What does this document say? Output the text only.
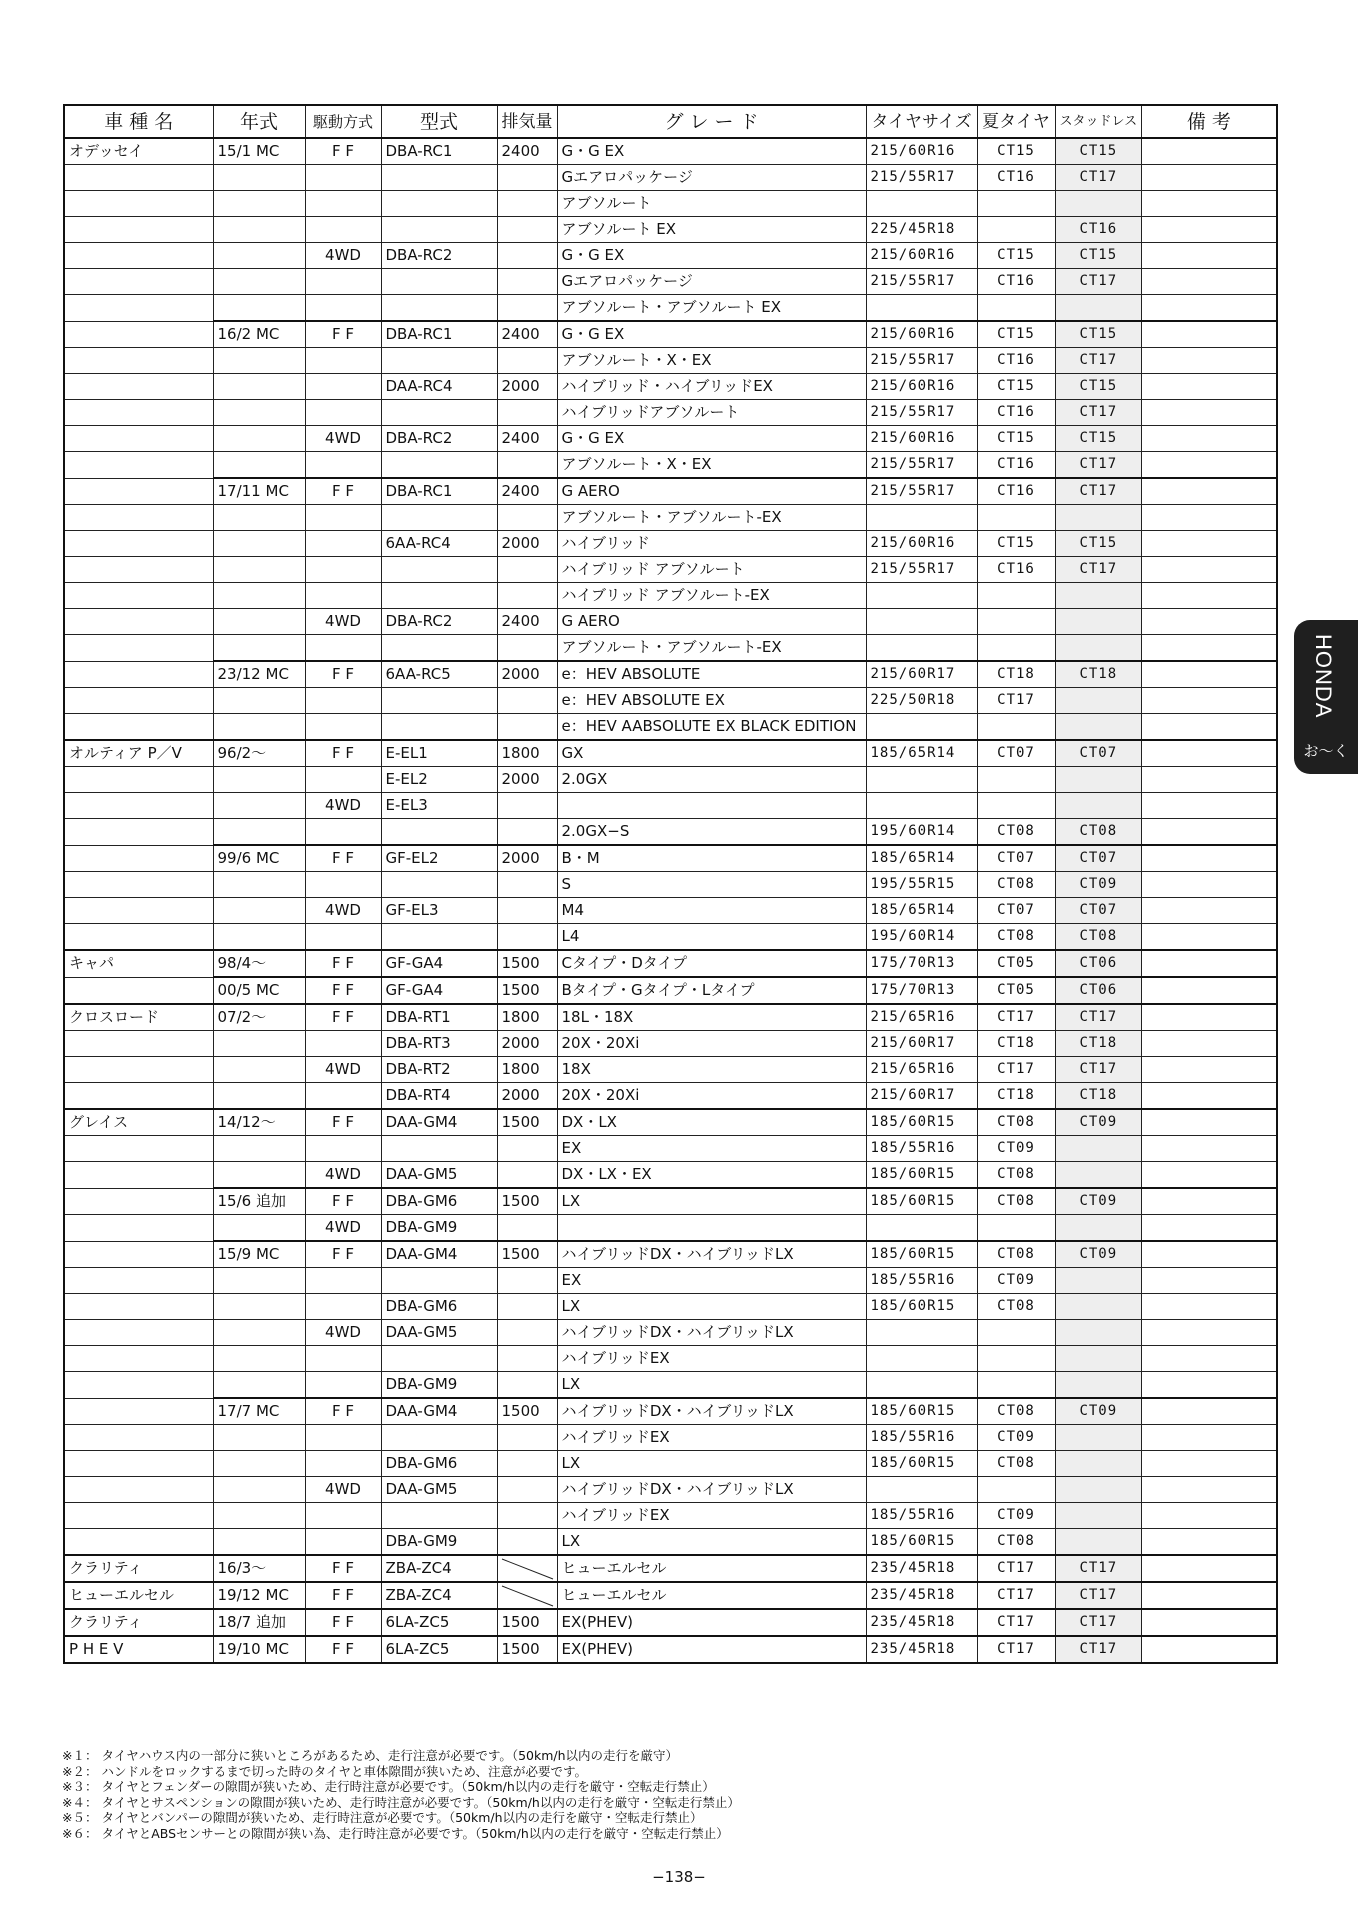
車 種 名	年式	駆動方式	型式	排気量	グ レ ー ド	タイヤサイズ	夏タイヤ	スタッドレス	備 考
オデッセイ	15/1 MC	F F	DBA-RC1	2400	G・G EX	215/60R16	CT15	CT15	
					Gエアロパッケージ	215/55R17	CT16	CT17	
					アブソルート				
					アブソルート EX	225/45R18		CT16	
		4WD	DBA-RC2		G・G EX	215/60R16	CT15	CT15	
					Gエアロパッケージ	215/55R17	CT16	CT17	
					アブソルート・アブソルート EX				
	16/2 MC	F F	DBA-RC1	2400	G・G EX	215/60R16	CT15	CT15	
					アブソルート・X・EX	215/55R17	CT16	CT17	
			DAA-RC4	2000	ハイブリッド・ハイブリッドEX	215/60R16	CT15	CT15	
					ハイブリッドアブソルート	215/55R17	CT16	CT17	
		4WD	DBA-RC2	2400	G・G EX	215/60R16	CT15	CT15	
					アブソルート・X・EX	215/55R17	CT16	CT17	
	17/11 MC	F F	DBA-RC1	2400	G AERO	215/55R17	CT16	CT17	
					アブソルート・アブソルート-EX				
			6AA-RC4	2000	ハイブリッド	215/60R16	CT15	CT15	
					ハイブリッド アブソルート	215/55R17	CT16	CT17	
					ハイブリッド アブソルート-EX				
		4WD	DBA-RC2	2400	G AERO				
					アブソルート・アブソルート-EX				
	23/12 MC	F F	6AA-RC5	2000	e：HEV ABSOLUTE	215/60R17	CT18	CT18	
					e：HEV ABSOLUTE EX	225/50R18	CT17		
					e：HEV AABSOLUTE EX BLACK EDITION				
オルティア P／V	96/2〜	F F	E-EL1	1800	GX	185/65R14	CT07	CT07	
			E-EL2	2000	2.0GX				
		4WD	E-EL3						
					2.0GX−S	195/60R14	CT08	CT08	
	99/6 MC	F F	GF-EL2	2000	B・M	185/65R14	CT07	CT07	
					S	195/55R15	CT08	CT09	
		4WD	GF-EL3		M4	185/65R14	CT07	CT07	
					L4	195/60R14	CT08	CT08	
キャパ	98/4〜	F F	GF-GA4	1500	Cタイプ・Dタイプ	175/70R13	CT05	CT06	
	00/5 MC	F F	GF-GA4	1500	Bタイプ・Gタイプ・Lタイプ	175/70R13	CT05	CT06	
クロスロード	07/2〜	F F	DBA-RT1	1800	18L・18X	215/65R16	CT17	CT17	
			DBA-RT3	2000	20X・20Xi	215/60R17	CT18	CT18	
		4WD	DBA-RT2	1800	18X	215/65R16	CT17	CT17	
			DBA-RT4	2000	20X・20Xi	215/60R17	CT18	CT18	
グレイス	14/12〜	F F	DAA-GM4	1500	DX・LX	185/60R15	CT08	CT09	
					EX	185/55R16	CT09		
		4WD	DAA-GM5		DX・LX・EX	185/60R15	CT08		
	15/6 追加	F F	DBA-GM6	1500	LX	185/60R15	CT08	CT09	
		4WD	DBA-GM9						
	15/9 MC	F F	DAA-GM4	1500	ハイブリッドDX・ハイブリッドLX	185/60R15	CT08	CT09	
					EX	185/55R16	CT09		
			DBA-GM6		LX	185/60R15	CT08		
		4WD	DAA-GM5		ハイブリッドDX・ハイブリッドLX				
					ハイブリッドEX				
			DBA-GM9		LX				
	17/7 MC	F F	DAA-GM4	1500	ハイブリッドDX・ハイブリッドLX	185/60R15	CT08	CT09	
					ハイブリッドEX	185/55R16	CT09		
			DBA-GM6		LX	185/60R15	CT08		
		4WD	DAA-GM5		ハイブリッドDX・ハイブリッドLX				
					ハイブリッドEX	185/55R16	CT09		
			DBA-GM9		LX	185/60R15	CT08		
クラリティ	16/3〜	F F	ZBA-ZC4		ヒューエルセル	235/45R18	CT17	CT17	
ヒューエルセル	19/12 MC	F F	ZBA-ZC4		ヒューエルセル	235/45R18	CT17	CT17	
クラリティ	18/7 追加	F F	6LA-ZC5	1500	EX(PHEV)	235/45R18	CT17	CT17	
P H E V	19/10 MC	F F	6LA-ZC5	1500	EX(PHEV)	235/45R18	CT17	CT17	
HONDA
お〜く
※１： タイヤハウス内の一部分に狭いところがあるため、走行注意が必要です。（50km/h以内の走行を厳守）
※２： ハンドルをロックするまで切った時のタイヤと車体隙間が狭いため、注意が必要です。
※３： タイヤとフェンダーの隙間が狭いため、走行時注意が必要です。（50km/h以内の走行を厳守・空転走行禁止）
※４： タイヤとサスペンションの隙間が狭いため、走行時注意が必要です。（50km/h以内の走行を厳守・空転走行禁止）
※５： タイヤとバンパーの隙間が狭いため、走行時注意が必要です。（50km/h以内の走行を厳守・空転走行禁止）
※６： タイヤとABSセンサーとの隙間が狭い為、走行時注意が必要です。（50km/h以内の走行を厳守・空転走行禁止）
−138−
